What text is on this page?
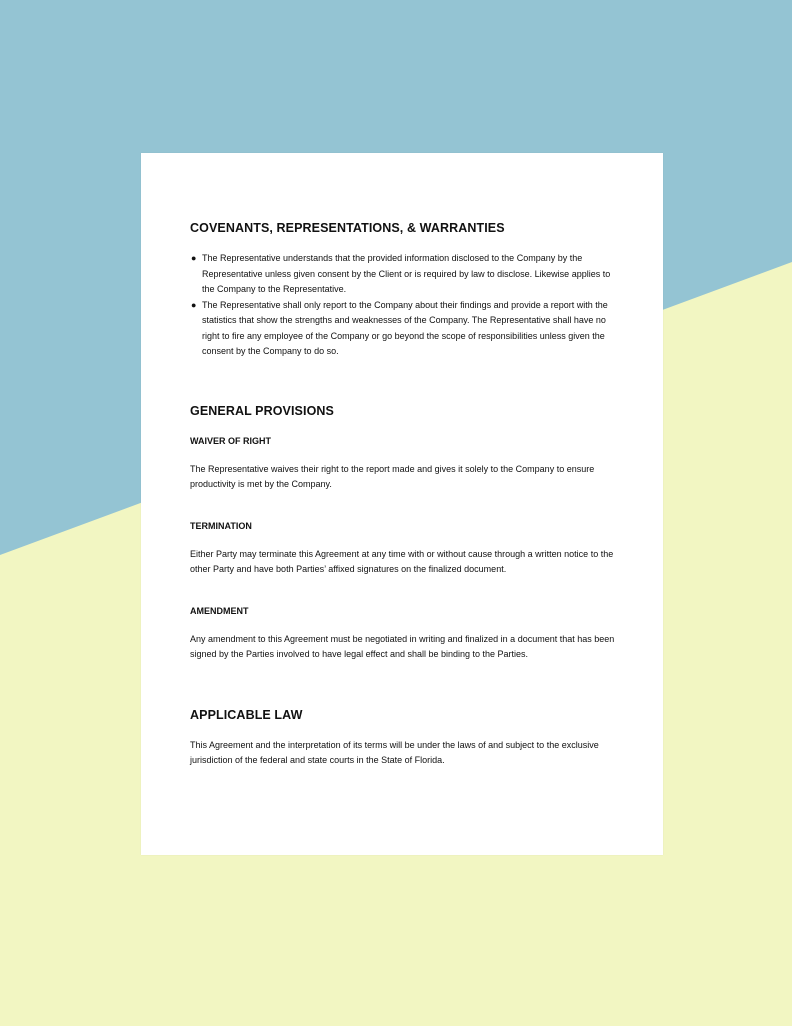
COVENANTS, REPRESENTATIONS, & WARRANTIES
● The Representative understands that the provided information disclosed to the Company by the Representative unless given consent by the Client or is required by law to disclose. Likewise applies to the Company to the Representative.
● The Representative shall only report to the Company about their findings and provide a report with the statistics that show the strengths and weaknesses of the Company. The Representative shall have no right to fire any employee of the Company or go beyond the scope of responsibilities unless given the consent by the Company to do so.
GENERAL PROVISIONS
WAIVER OF RIGHT

The Representative waives their right to the report made and gives it solely to the Company to ensure productivity is met by the Company.

TERMINATION

Either Party may terminate this Agreement at any time with or without cause through a written notice to the other Party and have both Parties’ affixed signatures on the finalized document.

AMENDMENT

Any amendment to this Agreement must be negotiated in writing and finalized in a document that has been signed by the Parties involved to have legal effect and shall be binding to the Parties.

APPLICABLE LAW

This Agreement and the interpretation of its terms will be under the laws of and subject to the exclusive jurisdiction of the federal and state courts in the State of Florida.
